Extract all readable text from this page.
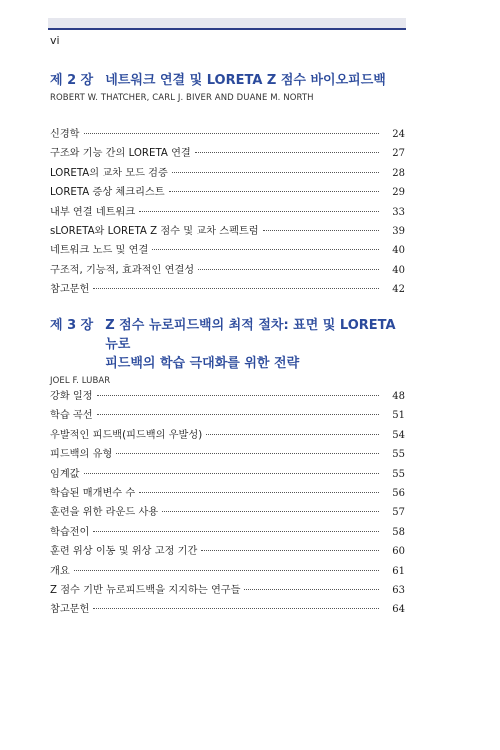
vi
제 2 장 네트워크 연결 및 LORETA Z 점수 바이오피드백
ROBERT W. THATCHER, CARL J. BIVER AND DUANE M. NORTH
신경학	24
구조와 기능 간의 LORETA 연결	27
LORETA의 교차 모드 검증	28
LORETA 증상 체크리스트	29
내부 연결 네트워크	33
sLORETA와 LORETA Z 점수 및 교차 스펙트럼	39
네트워크 노드 및 연결	40
구조적, 기능적, 효과적인 연결성	40
참고문헌	42
제 3 장 Z 점수 뉴로피드백의 최적 절차: 표면 및 LORETA 뉴로
피드백의 학습 극대화를 위한 전략
JOEL F. LUBAR
강화 일정	48
학습 곡선	51
우발적인 피드백(피드백의 우발성)	54
피드백의 유형	55
임계값	55
학습된 매개변수 수	56
훈련을 위한 라운드 사용	57
학습전이	58
훈련 위상 이동 및 위상 고정 기간	60
개요	61
Z 점수 기반 뉴로피드백을 지지하는 연구들	63
참고문헌	64
